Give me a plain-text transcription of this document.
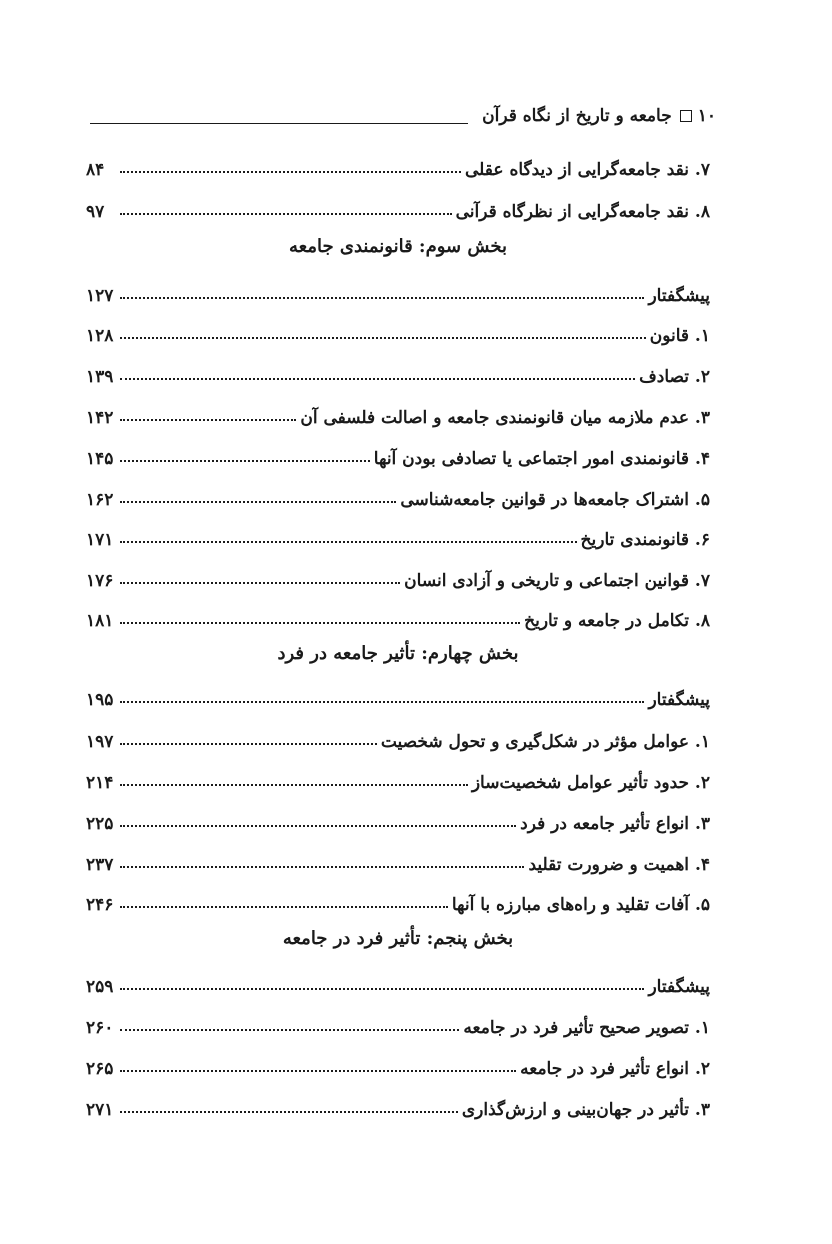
۱۰
جامعه و تاریخ از نگاه قرآن
۷. نقد جامعه‌گرایی از دیدگاه عقلی
۸۴
۸. نقد جامعه‌گرایی از نظرگاه قرآنی
۹۷
بخش سوم: قانونمندی جامعه
پیشگفتار
۱۲۷
۱. قانون
۱۲۸
۲. تصادف
۱۳۹
۳. عدم ملازمه میان قانونمندی جامعه و اصالت فلسفی آن
۱۴۲
۴. قانونمندی امور اجتماعی یا تصادفی بودن آنها
۱۴۵
۵. اشتراک جامعه‌ها در قوانین جامعه‌شناسی
۱۶۲
۶. قانونمندی تاریخ
۱۷۱
۷. قوانین اجتماعی و تاریخی و آزادی انسان
۱۷۶
۸. تکامل در جامعه و تاریخ
۱۸۱
بخش چهارم: تأثیر جامعه در فرد
پیشگفتار
۱۹۵
۱. عوامل مؤثر در شکل‌گیری و تحول شخصیت
۱۹۷
۲. حدود تأثیر عوامل شخصیت‌ساز
۲۱۴
۳. انواع تأثیر جامعه در فرد
۲۲۵
۴. اهمیت و ضرورت تقلید
۲۳۷
۵. آفات تقلید و راه‌های مبارزه با آنها
۲۴۶
بخش پنجم: تأثیر فرد در جامعه
پیشگفتار
۲۵۹
۱. تصویر صحیح تأثیر فرد در جامعه
۲۶۰
۲. انواع تأثیر فرد در جامعه
۲۶۵
۳. تأثیر در جهان‌بینی و ارزش‌گذاری
۲۷۱
